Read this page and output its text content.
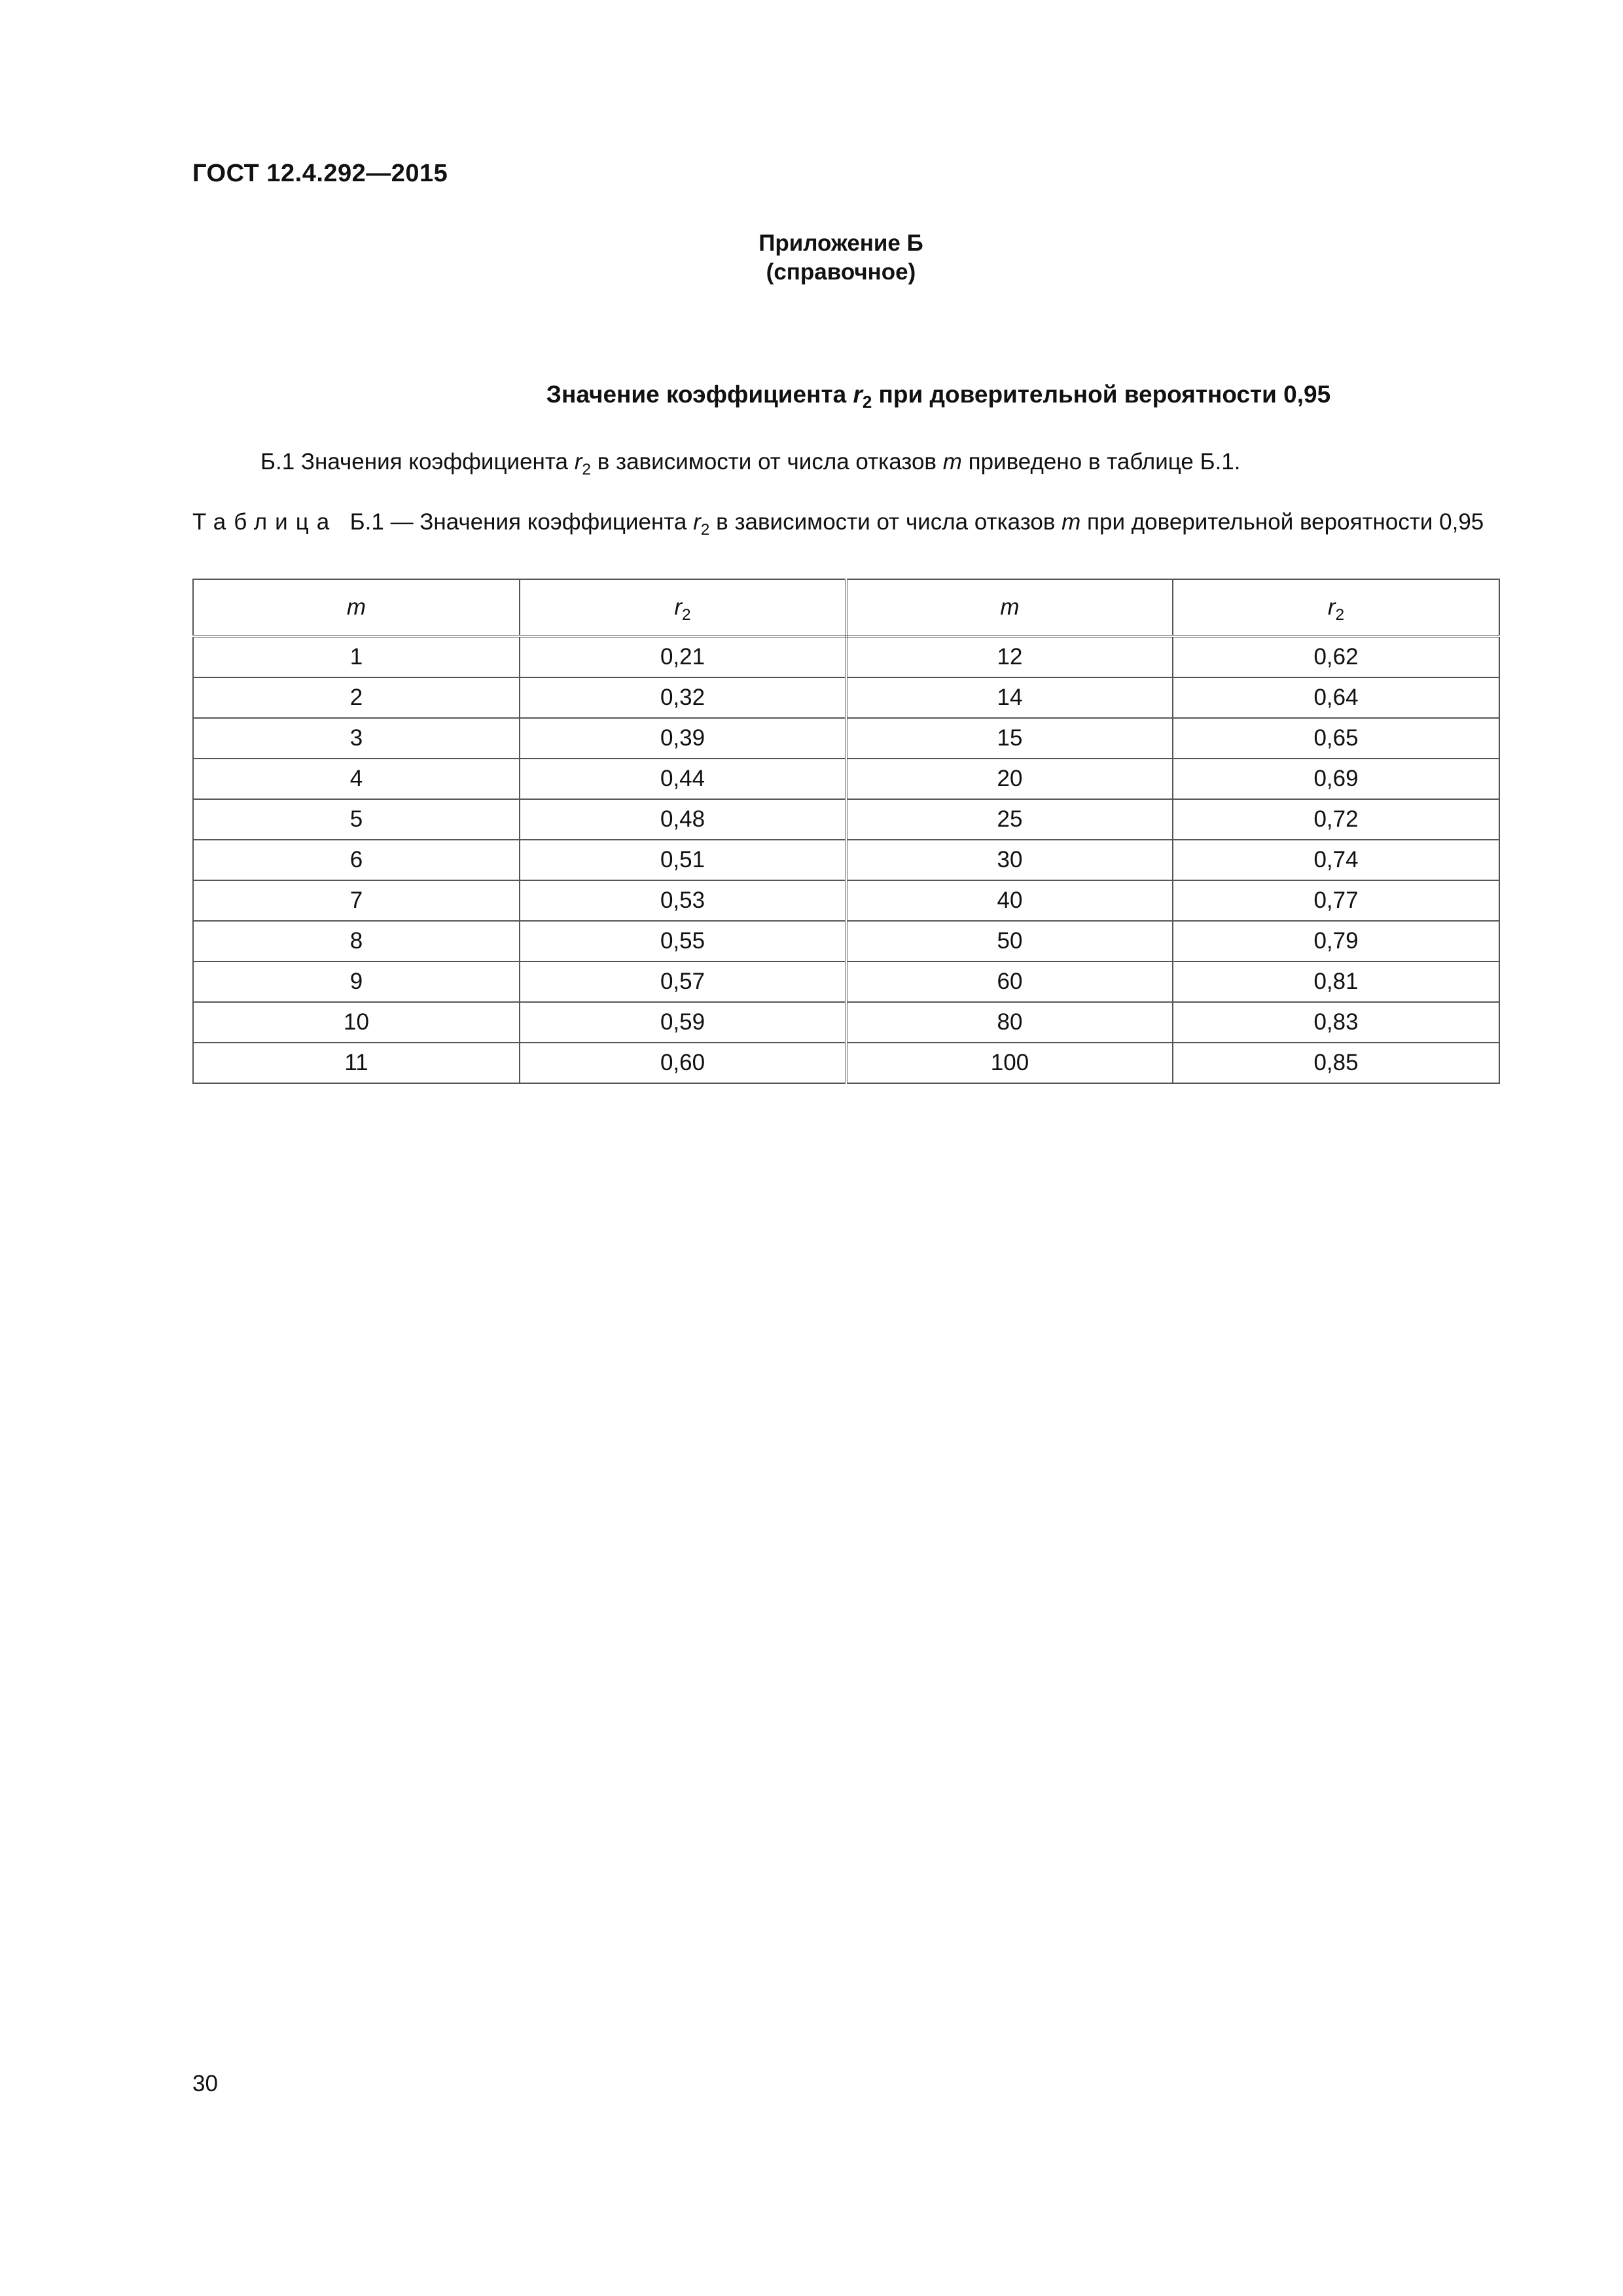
ГОСТ 12.4.292—2015
Приложение Б
(справочное)
Значение коэффициента $r_2$ при доверительной вероятности 0,95
Б.1 Значения коэффициента $r_2$ в зависимости от числа отказов m приведено в таблице Б.1.
Таблица  Б.1 — Значения коэффициента $r_2$ в зависимости от числа отказов m при доверительной вероятности 0,95
m	$r_2$	m	$r_2$
1	0,21	12	0,62
2	0,32	14	0,64
3	0,39	15	0,65
4	0,44	20	0,69
5	0,48	25	0,72
6	0,51	30	0,74
7	0,53	40	0,77
8	0,55	50	0,79
9	0,57	60	0,81
10	0,59	80	0,83
11	0,60	100	0,85
30
